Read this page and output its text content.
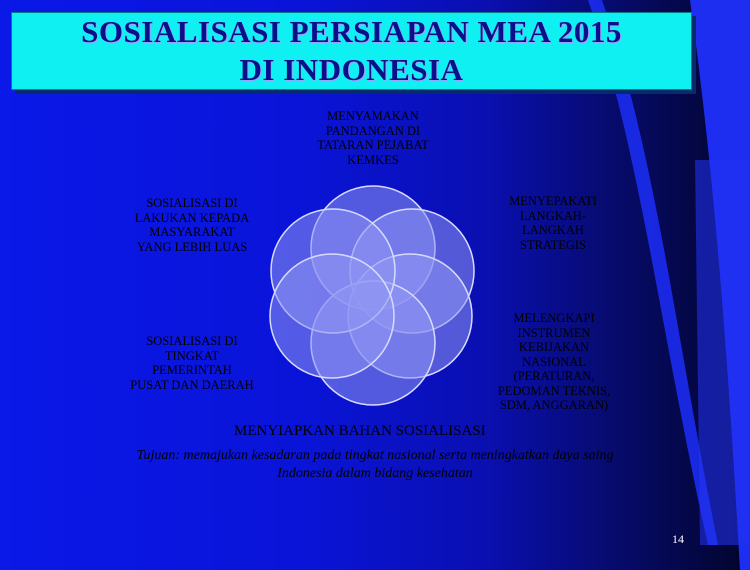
SOSIALISASI PERSIAPAN MEA 2015
DI INDONESIA
MENYAMAKAN
PANDANGAN DI
TATARAN PEJABAT
KEMKES
MENYEPAKATI
LANGKAH-
LANGKAH
STRATEGIS
MELENGKAPI
INSTRUMEN
KEBIJAKAN
NASIONAL
(PERATURAN,
PEDOMAN TEKNIS,
SDM, ANGGARAN)
SOSIALISASI DI
TINGKAT
PEMERINTAH
PUSAT DAN DAERAH
SOSIALISASI DI
LAKUKAN KEPADA
MASYARAKAT
YANG LEBIH LUAS
MENYIAPKAN BAHAN SOSIALISASI
Tujuan: memajukan kesadaran pada tingkat nasional serta meningkatkan daya saing Indonesia dalam bidang kesehatan
14
